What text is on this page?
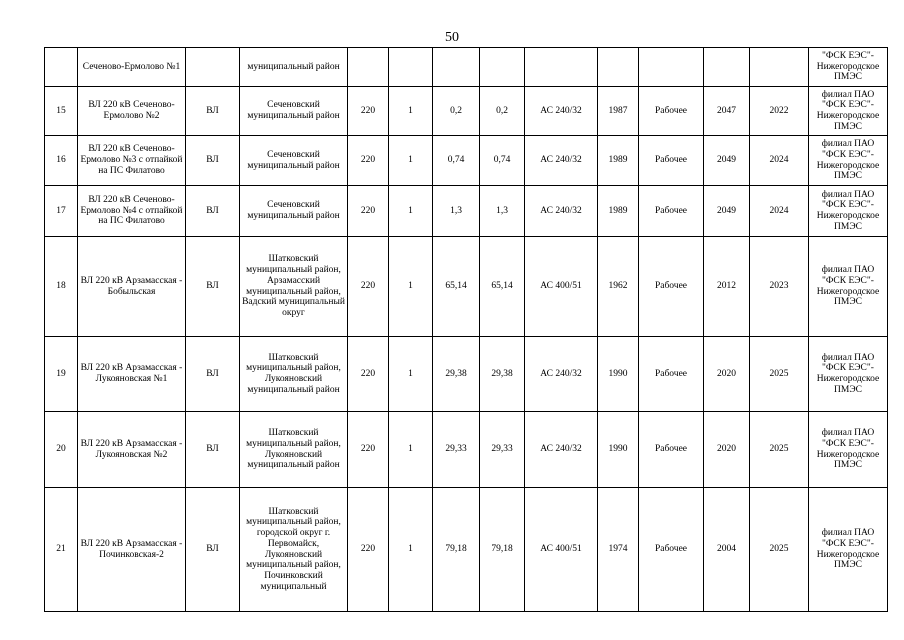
50
	Сеченово-Ермолово №1		муниципальный район										"ФСК ЕЭС"- Нижегородское ПМЭС
15	ВЛ 220 кВ Сеченово-Ермолово №2	ВЛ	Сеченовский муниципальный район	220	1	0,2	0,2	АС 240/32	1987	Рабочее	2047	2022	филиал ПАО "ФСК ЕЭС"- Нижегородское ПМЭС
16	ВЛ 220 кВ Сеченово-Ермолово №3 с отпайкой на ПС Филатово	ВЛ	Сеченовский муниципальный район	220	1	0,74	0,74	АС 240/32	1989	Рабочее	2049	2024	филиал ПАО "ФСК ЕЭС"- Нижегородское ПМЭС
17	ВЛ 220 кВ Сеченово-Ермолово №4 с отпайкой на ПС Филатово	ВЛ	Сеченовский муниципальный район	220	1	1,3	1,3	АС 240/32	1989	Рабочее	2049	2024	филиал ПАО "ФСК ЕЭС"- Нижегородское ПМЭС
18	ВЛ 220 кВ Арзамасская - Бобыльская	ВЛ	Шатковский муниципальный район, Арзамасский муниципальный район, Вадский муниципальный округ	220	1	65,14	65,14	АС 400/51	1962	Рабочее	2012	2023	филиал ПАО "ФСК ЕЭС"- Нижегородское ПМЭС
19	ВЛ 220 кВ Арзамасская - Лукояновская №1	ВЛ	Шатковский муниципальный район, Лукояновский муниципальный район	220	1	29,38	29,38	АС 240/32	1990	Рабочее	2020	2025	филиал ПАО "ФСК ЕЭС"- Нижегородское ПМЭС
20	ВЛ 220 кВ Арзамасская - Лукояновская №2	ВЛ	Шатковский муниципальный район, Лукояновский муниципальный район	220	1	29,33	29,33	АС 240/32	1990	Рабочее	2020	2025	филиал ПАО "ФСК ЕЭС"- Нижегородское ПМЭС
21	ВЛ 220 кВ Арзамасская - Починковская-2	ВЛ	Шатковский муниципальный район, городской округ г. Первомайск, Лукояновский муниципальный район, Починковский муниципальный	220	1	79,18	79,18	АС 400/51	1974	Рабочее	2004	2025	филиал ПАО "ФСК ЕЭС"- Нижегородское ПМЭС
